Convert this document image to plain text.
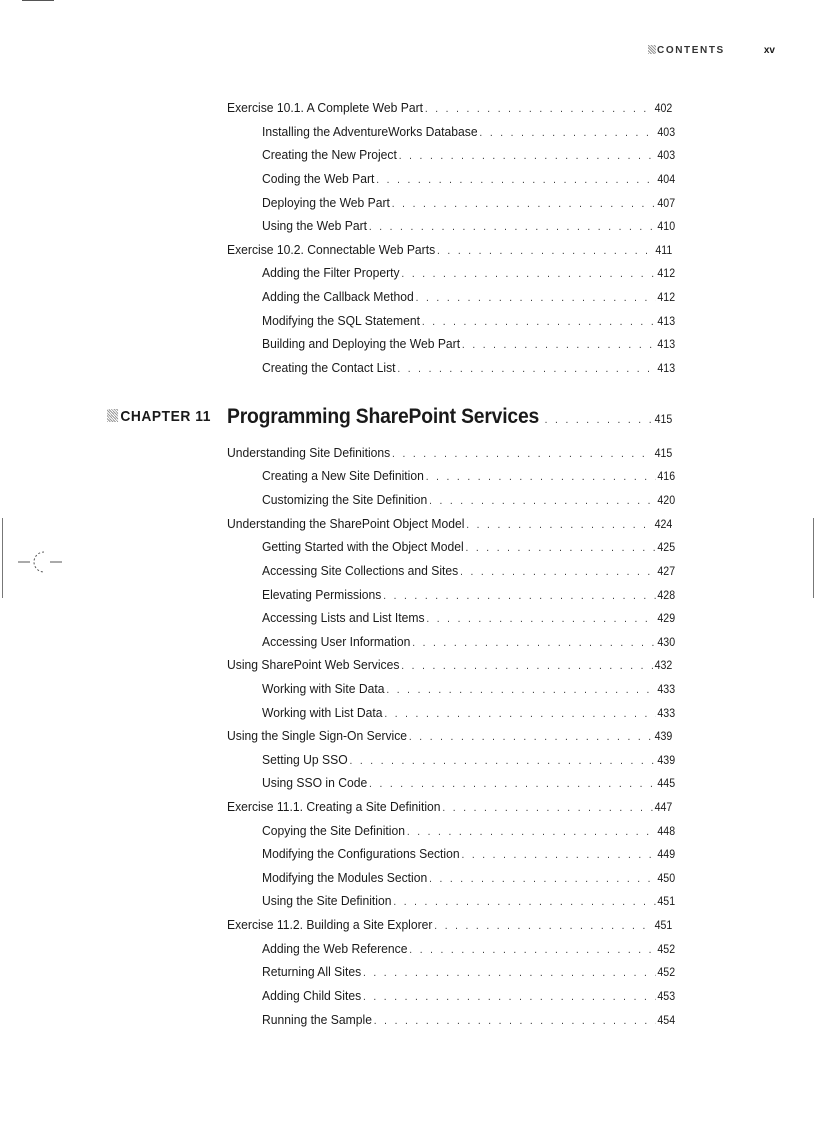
CONTENTS	xv
Exercise 10.1. A Complete Web Part . . .	402
Installing the AdventureWorks Database . . .	403
Creating the New Project . . .	403
Coding the Web Part . . .	404
Deploying the Web Part . . .	407
Using the Web Part . . .	410
Exercise 10.2. Connectable Web Parts . . .	411
Adding the Filter Property . . .	412
Adding the Callback Method . . .	412
Modifying the SQL Statement . . .	413
Building and Deploying the Web Part . . .	413
Creating the Contact List . . .	413
CHAPTER 11 Programming SharePoint Services . . .	415
Understanding Site Definitions . . .	415
Creating a New Site Definition . . .	416
Customizing the Site Definition . . .	420
Understanding the SharePoint Object Model . . .	424
Getting Started with the Object Model . . .	425
Accessing Site Collections and Sites . . .	427
Elevating Permissions . . .	428
Accessing Lists and List Items . . .	429
Accessing User Information . . .	430
Using SharePoint Web Services . . .	432
Working with Site Data . . .	433
Working with List Data . . .	433
Using the Single Sign-On Service . . .	439
Setting Up SSO . . .	439
Using SSO in Code . . .	445
Exercise 11.1. Creating a Site Definition . . .	447
Copying the Site Definition . . .	448
Modifying the Configurations Section . . .	449
Modifying the Modules Section . . .	450
Using the Site Definition . . .	451
Exercise 11.2. Building a Site Explorer . . .	451
Adding the Web Reference . . .	452
Returning All Sites . . .	452
Adding Child Sites . . .	453
Running the Sample . . .	454
